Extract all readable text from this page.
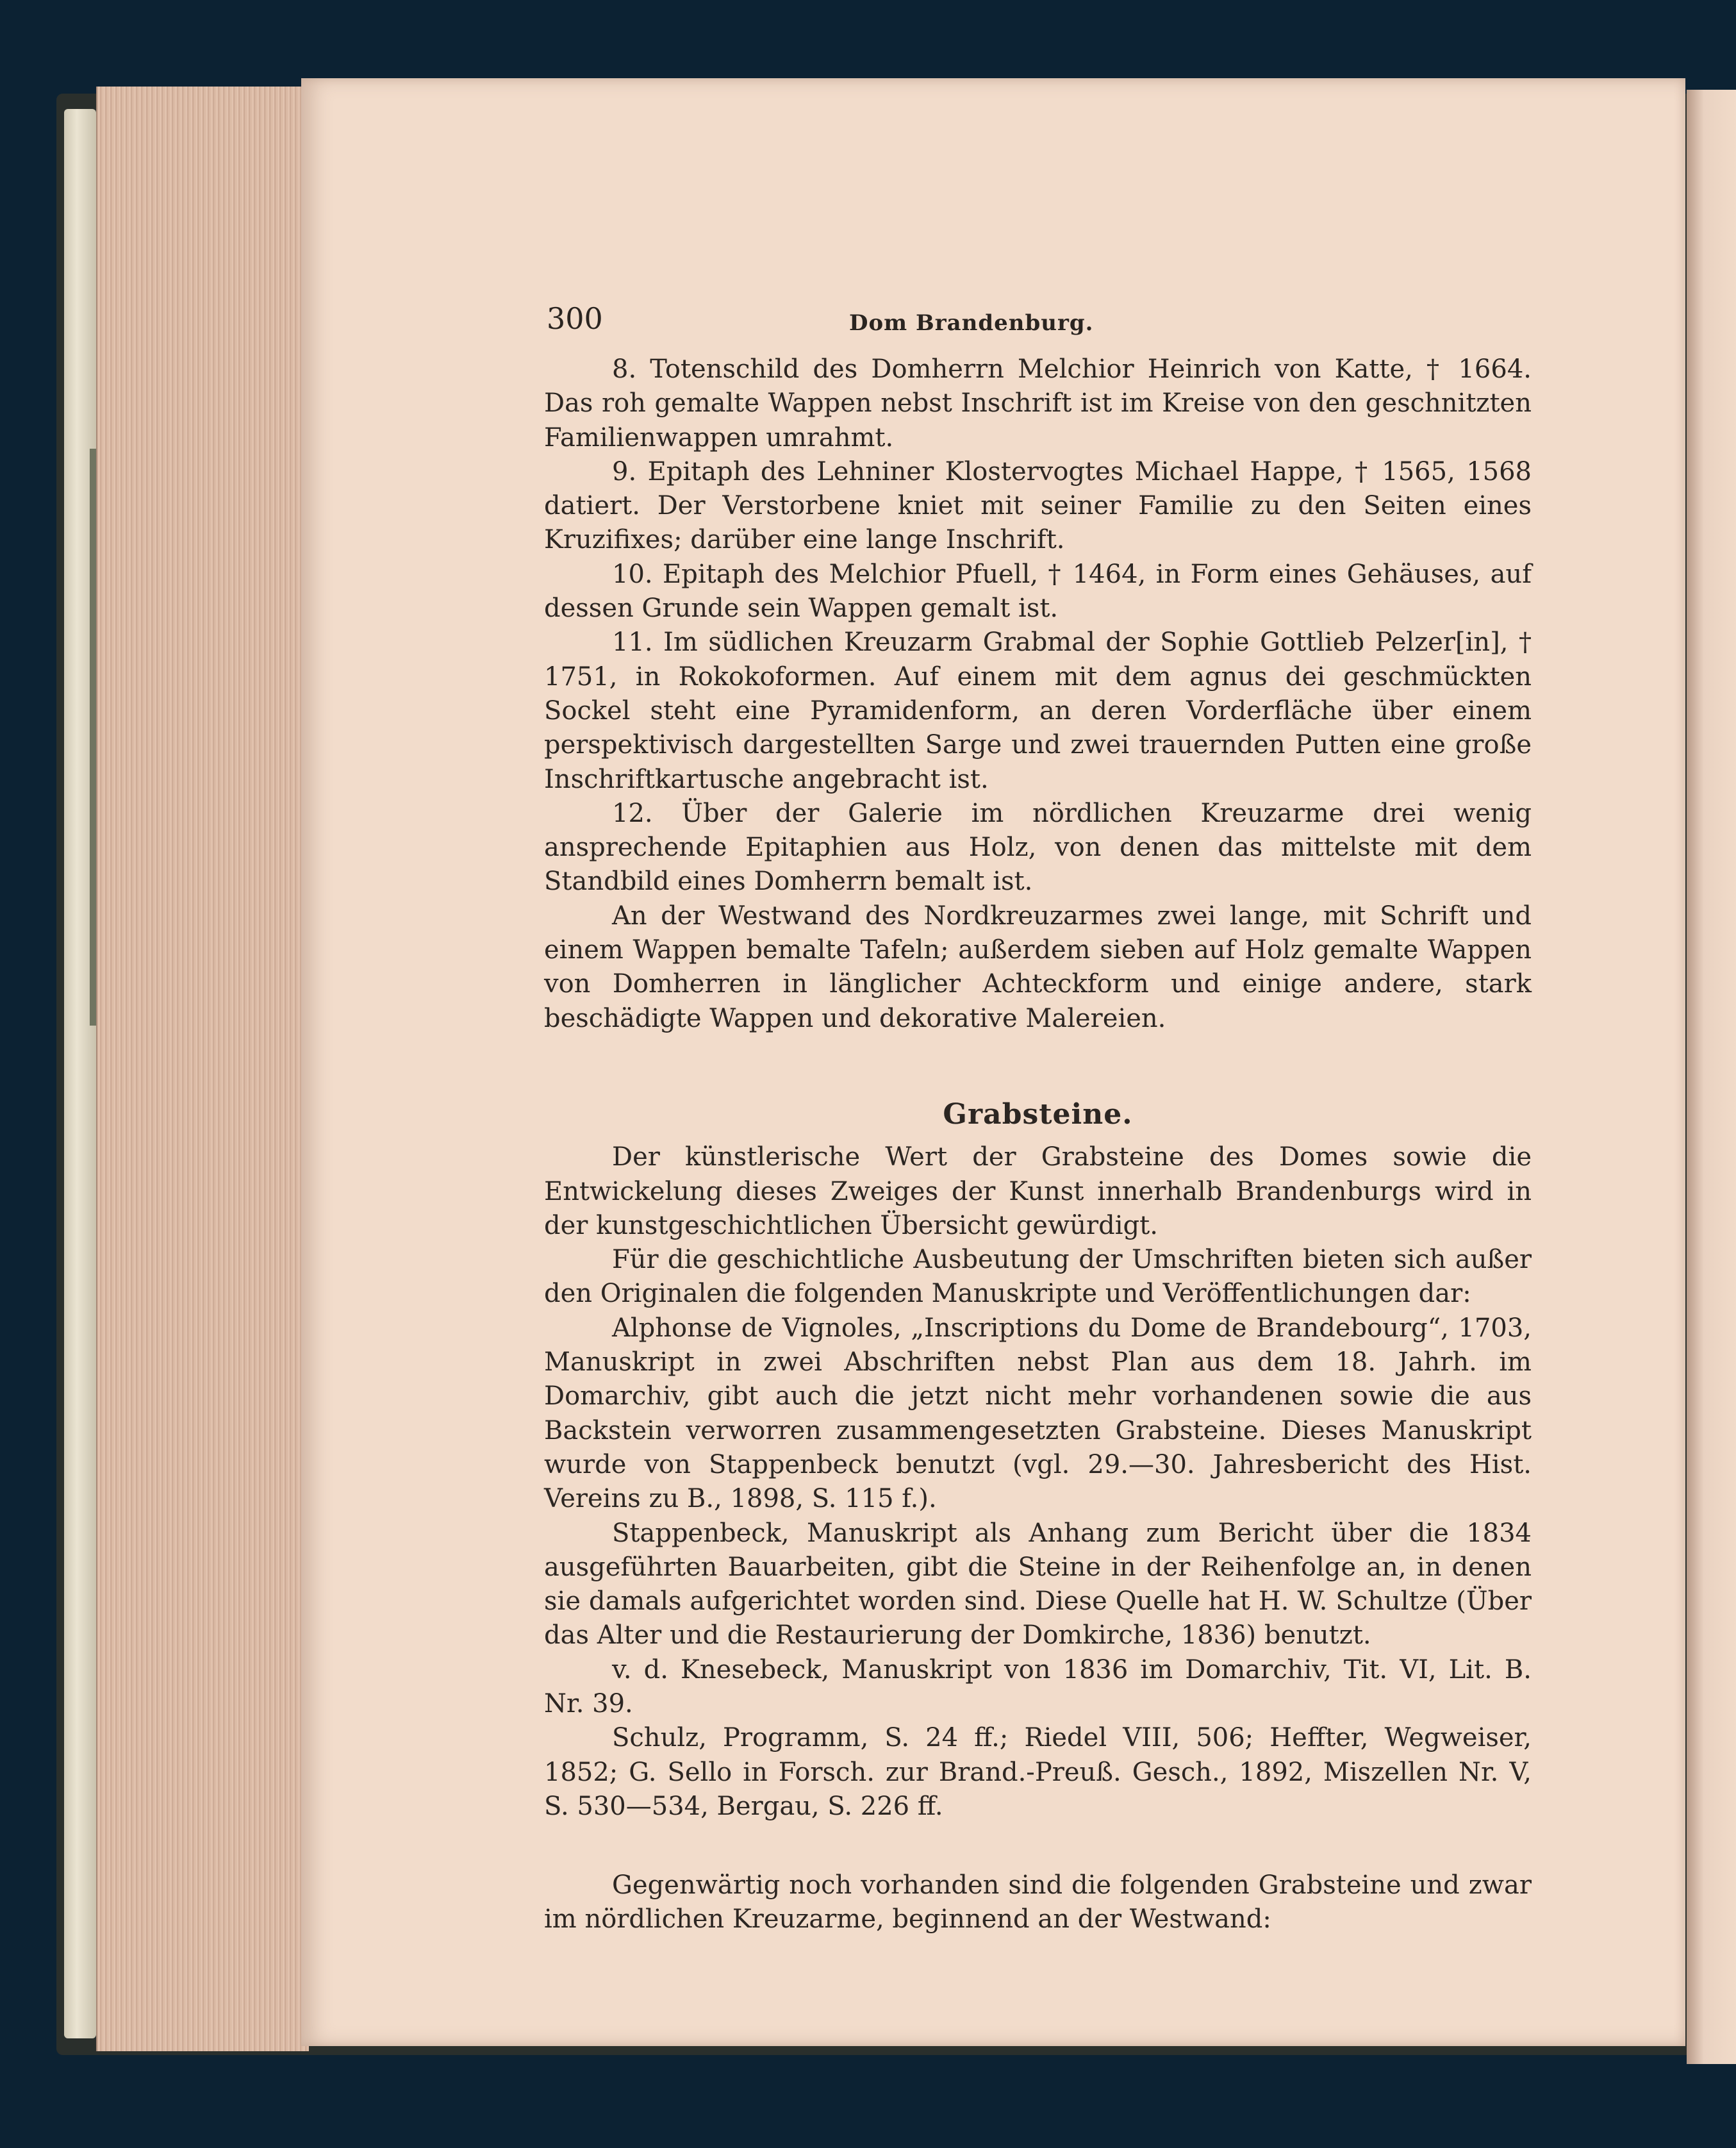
300	Dom Brandenburg.

8. Totenschild des Domherrn Melchior Heinrich von Katte, † 1664. Das roh gemalte Wappen nebst Inschrift ist im Kreise von den geschnitzten Familienwappen umrahmt.

9. Epitaph des Lehniner Klostervogtes Michael Happe, † 1565, 1568 datiert. Der Verstorbene kniet mit seiner Familie zu den Seiten eines Kruzifixes; darüber eine lange Inschrift.

10. Epitaph des Melchior Pfuell, † 1464, in Form eines Gehäuses, auf dessen Grunde sein Wappen gemalt ist.

11. Im südlichen Kreuzarm Grabmal der Sophie Gottlieb Pelzer[in], † 1751, in Rokokoformen. Auf einem mit dem agnus dei geschmückten Sockel steht eine Pyramidenform, an deren Vorderfläche über einem perspektivisch dargestellten Sarge und zwei trauernden Putten eine große Inschriftkartusche angebracht ist.

12. Über der Galerie im nördlichen Kreuzarme drei wenig ansprechende Epitaphien aus Holz, von denen das mittelste mit dem Standbild eines Domherrn bemalt ist.

An der Westwand des Nordkreuzarmes zwei lange, mit Schrift und einem Wappen bemalte Tafeln; außerdem sieben auf Holz gemalte Wappen von Domherren in länglicher Achteckform und einige andere, stark beschädigte Wappen und dekorative Malereien.

Grabsteine.

Der künstlerische Wert der Grabsteine des Domes sowie die Entwickelung dieses Zweiges der Kunst innerhalb Brandenburgs wird in der kunstgeschichtlichen Übersicht gewürdigt.

Für die geschichtliche Ausbeutung der Umschriften bieten sich außer den Originalen die folgenden Manuskripte und Veröffentlichungen dar:

Alphonse de Vignoles, „Inscriptions du Dome de Brandebourg“, 1703, Manuskript in zwei Abschriften nebst Plan aus dem 18. Jahrh. im Domarchiv, gibt auch die jetzt nicht mehr vorhandenen sowie die aus Backstein verworren zusammengesetzten Grabsteine. Dieses Manuskript wurde von Stappenbeck benutzt (vgl. 29.—30. Jahresbericht des Hist. Vereins zu B., 1898, S. 115 f.).

Stappenbeck, Manuskript als Anhang zum Bericht über die 1834 ausgeführten Bauarbeiten, gibt die Steine in der Reihenfolge an, in denen sie damals aufgerichtet worden sind. Diese Quelle hat H. W. Schultze (Über das Alter und die Restaurierung der Domkirche, 1836) benutzt.

v. d. Knesebeck, Manuskript von 1836 im Domarchiv, Tit. VI, Lit. B. Nr. 39.

Schulz, Programm, S. 24 ff.; Riedel VIII, 506; Heffter, Wegweiser, 1852; G. Sello in Forsch. zur Brand.-Preuß. Gesch., 1892, Miszellen Nr. V, S. 530—534, Bergau, S. 226 ff.

Gegenwärtig noch vorhanden sind die folgenden Grabsteine und zwar im nördlichen Kreuzarme, beginnend an der Westwand:
